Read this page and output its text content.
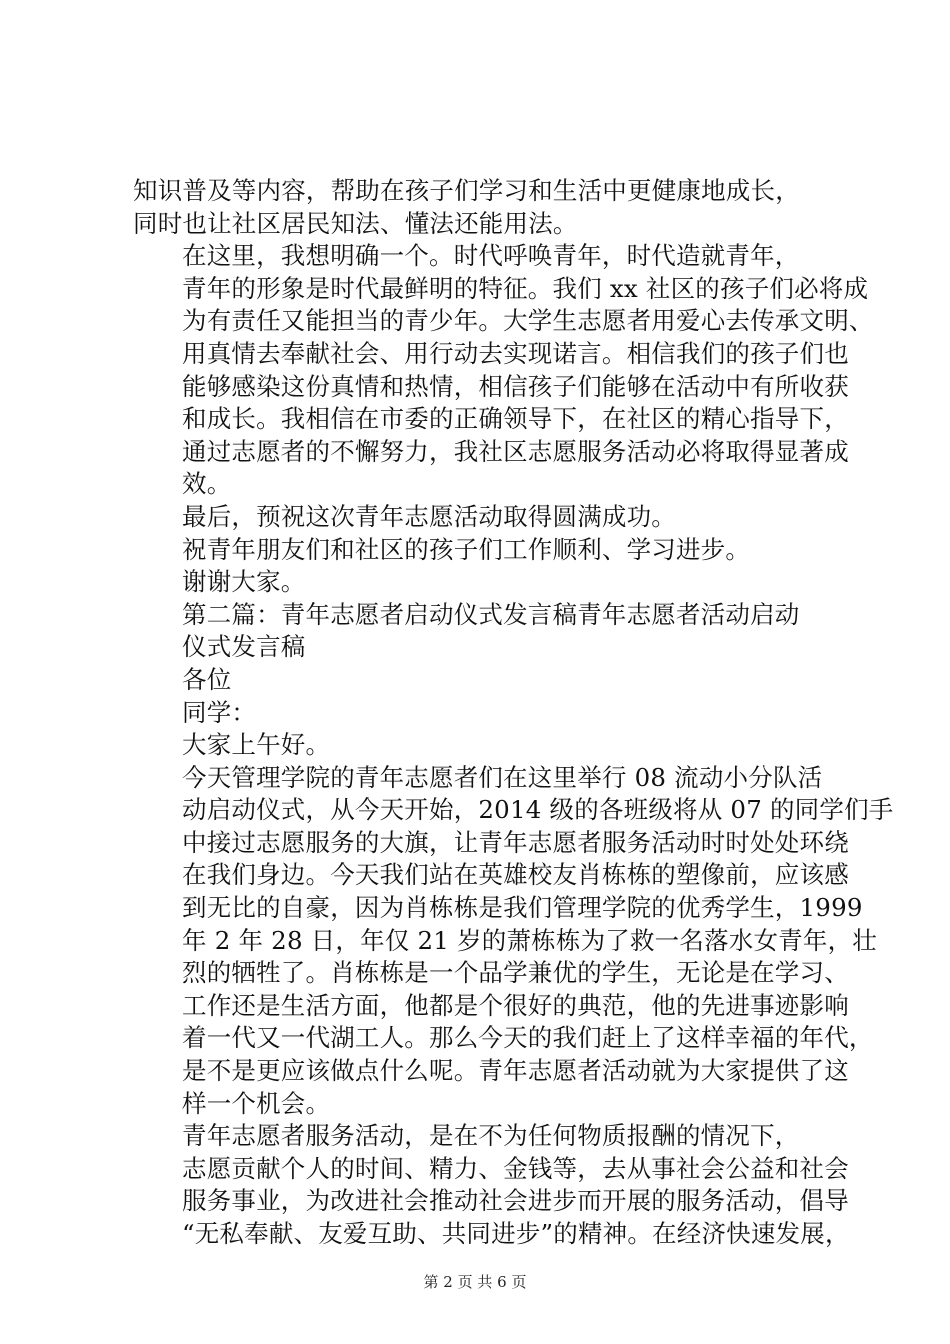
知识普及等内容，帮助在孩子们学习和生活中更健康地成长，
同时也让社区居民知法、懂法还能用法。
在这里，我想明确一个。时代呼唤青年，时代造就青年，
青年的形象是时代最鲜明的特征。我们 xx 社区的孩子们必将成
为有责任又能担当的青少年。大学生志愿者用爱心去传承文明、
用真情去奉献社会、用行动去实现诺言。相信我们的孩子们也
能够感染这份真情和热情，相信孩子们能够在活动中有所收获
和成长。我相信在市委的正确领导下，在社区的精心指导下，
通过志愿者的不懈努力，我社区志愿服务活动必将取得显著成
效。
最后，预祝这次青年志愿活动取得圆满成功。
祝青年朋友们和社区的孩子们工作顺利、学习进步。
谢谢大家。
第二篇：青年志愿者启动仪式发言稿青年志愿者活动启动
仪式发言稿
各位
同学：
大家上午好。
今天管理学院的青年志愿者们在这里举行 08 流动小分队活
动启动仪式，从今天开始，2014 级的各班级将从 07 的同学们手
中接过志愿服务的大旗，让青年志愿者服务活动时时处处环绕
在我们身边。今天我们站在英雄校友肖栋栋的塑像前，应该感
到无比的自豪，因为肖栋栋是我们管理学院的优秀学生，1999
年 2 年 28 日，年仅 21 岁的萧栋栋为了救一名落水女青年，壮
烈的牺牲了。肖栋栋是一个品学兼优的学生，无论是在学习、
工作还是生活方面，他都是个很好的典范，他的先进事迹影响
着一代又一代湖工人。那么今天的我们赶上了这样幸福的年代，
是不是更应该做点什么呢。青年志愿者活动就为大家提供了这
样一个机会。
青年志愿者服务活动，是在不为任何物质报酬的情况下，
志愿贡献个人的时间、精力、金钱等，去从事社会公益和社会
服务事业，为改进社会推动社会进步而开展的服务活动，倡导
“无私奉献、友爱互助、共同进步”的精神。在经济快速发展，
第 2 页 共 6 页
